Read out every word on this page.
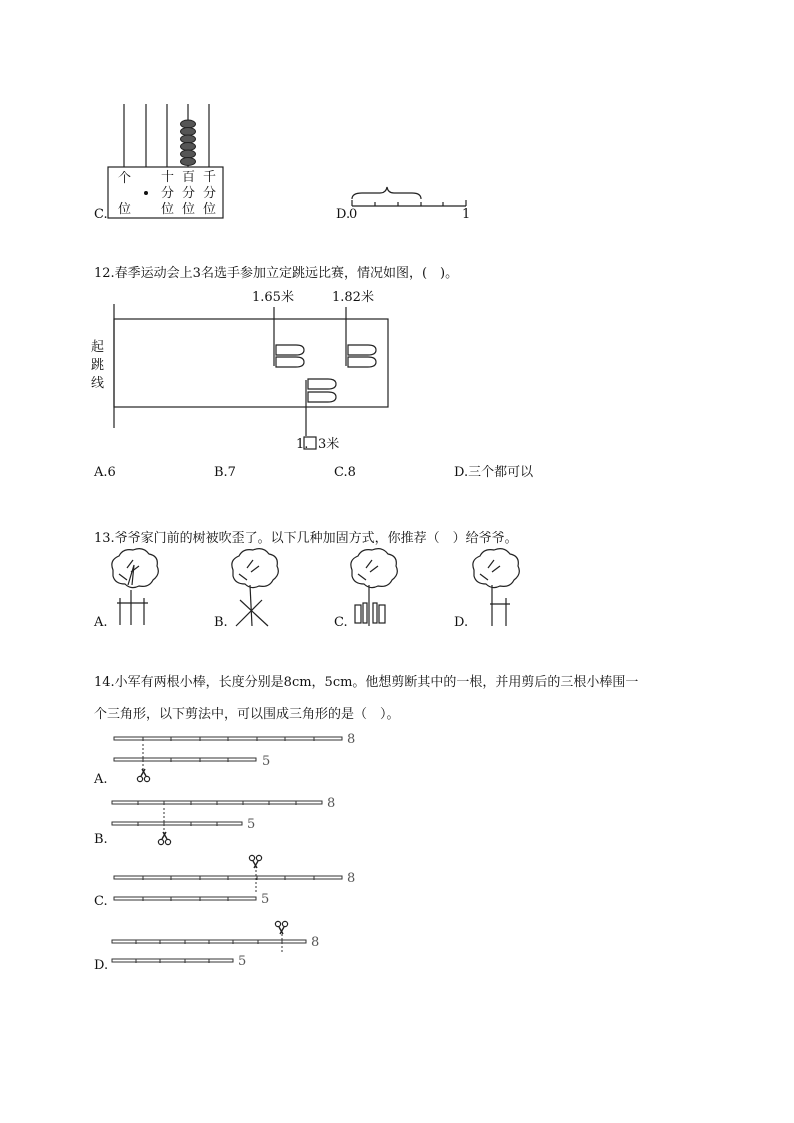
C.
个
位
十
分
位
百
分
位
千
分
位	D.
0	1
12.春季运动会上3名选手参加立定跳远比赛，情况如图，(　)。
1.65米	1.82米
起跳线
1. 3米
A.6	B.7	C.8	D.三个都可以
13.爷爷家门前的树被吹歪了。以下几种加固方式，你推荐（　）给爷爷。
A.	B.	C.	D.
14.小军有两根小棒，长度分别是8cm，5cm。他想剪断其中的一根，并用剪后的三根小棒围一
个三角形，以下剪法中，可以围成三角形的是（　）。
A.
8
5
B.
8
5
C.
8
5
D.
8
5
